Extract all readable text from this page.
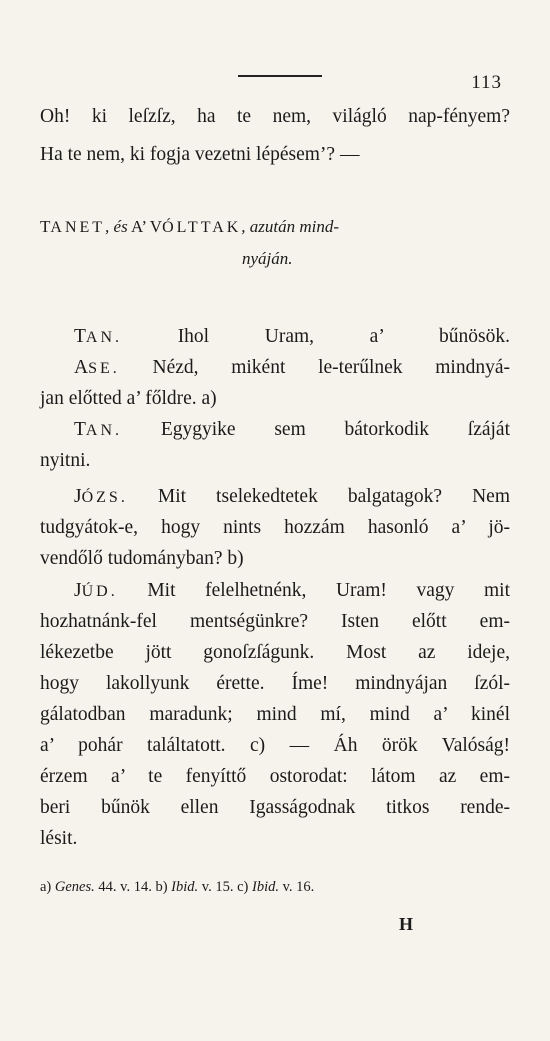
113
Oh! ki leſzſz, ha te nem, világló nap-fényem?
Ha te nem, ki fogja vezetni lépésem’? —
TANET, és A’ VÓLTTAK, azután mind-
nyáján.
TAN.	Ihol Uram, a’ bűnösök.
ASE. Nézd, miként le-terűlnek mindnyá-
jan előtted a’ főldre. a)
TAN. Egygyike sem bátorkodik ſzáját
nyitni.
JÓZS. Mit tselekedtetek balgatagok? Nem
tudgyátok-e, hogy nints hozzám hasonló a’ jö-
vendőlő tudományban? b)
JÚD. Mit felelhetnénk, Uram! vagy mit
hozhatnánk-fel mentségünkre? Isten előtt em-
lékezetbe jött gonoſzſágunk. Most az ideje,
hogy lakollyunk érette. Íme! mindnyájan ſzól-
gálatodban maradunk; mind mí, mind a’ kinél
a’ pohár találtatott. c) — Áh örök Valóság!
érzem a’ te fenyíttő ostorodat: látom az em-
beri bűnök ellen Igasságodnak titkos rende-
lésit.
a) Genes. 44. v. 14. b) Ibid. v. 15. c) Ibid. v. 16.
H
